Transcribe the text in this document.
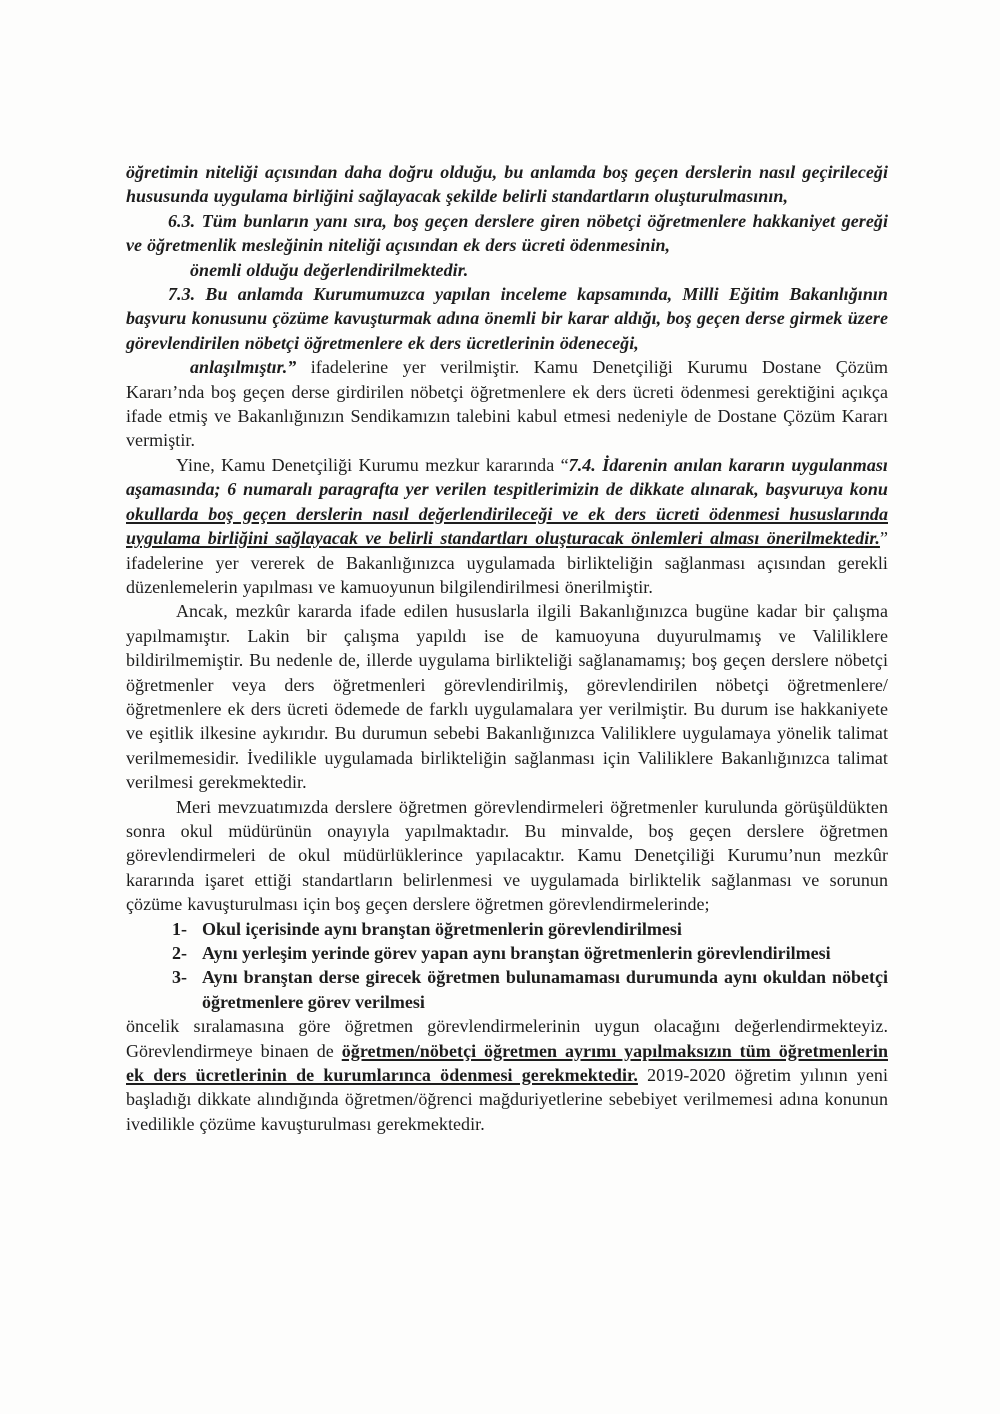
öğretimin niteliği açısından daha doğru olduğu, bu anlamda boş geçen derslerin nasıl geçirileceği hususunda uygulama birliğini sağlayacak şekilde belirli standartların oluşturulmasının,

6.3. Tüm bunların yanı sıra, boş geçen derslere giren nöbetçi öğretmenlere hakkaniyet gereği ve öğretmenlik mesleğinin niteliği açısından ek ders ücreti ödenmesinin,

önemli olduğu değerlendirilmektedir.

7.3. Bu anlamda Kurumumuzca yapılan inceleme kapsamında, Milli Eğitim Bakanlığının başvuru konusunu çözüme kavuşturmak adına önemli bir karar aldığı, boş geçen derse girmek üzere görevlendirilen nöbetçi öğretmenlere ek ders ücretlerinin ödeneceği,

anlaşılmıştır.” ifadelerine yer verilmiştir. Kamu Denetçiliği Kurumu Dostane Çözüm Kararı’nda boş geçen derse girdirilen nöbetçi öğretmenlere ek ders ücreti ödenmesi gerektiğini açıkça ifade etmiş ve Bakanlığınızın Sendikamızın talebini kabul etmesi nedeniyle de Dostane Çözüm Kararı vermiştir.

Yine, Kamu Denetçiliği Kurumu mezkur kararında “7.4. İdarenin anılan kararın uygulanması aşamasında; 6 numaralı paragrafta yer verilen tespitlerimizin de dikkate alınarak, başvuruya konu okullarda boş geçen derslerin nasıl değerlendirileceği ve ek ders ücreti ödenmesi hususlarında uygulama birliğini sağlayacak ve belirli standartları oluşturacak önlemleri alması önerilmektedir.” ifadelerine yer vererek de Bakanlığınızca uygulamada birlikteliğin sağlanması açısından gerekli düzenlemelerin yapılması ve kamuoyunun bilgilendirilmesi önerilmiştir.

Ancak, mezkûr kararda ifade edilen hususlarla ilgili Bakanlığınızca bugüne kadar bir çalışma yapılmamıştır. Lakin bir çalışma yapıldı ise de kamuoyuna duyurulmamış ve Valiliklere bildirilmemiştir. Bu nedenle de, illerde uygulama birlikteliği sağlanamamış; boş geçen derslere nöbetçi öğretmenler veya ders öğretmenleri görevlendirilmiş, görevlendirilen nöbetçi öğretmenlere/öğretmenlere ek ders ücreti ödemede de farklı uygulamalara yer verilmiştir. Bu durum ise hakkaniyete ve eşitlik ilkesine aykırıdır. Bu durumun sebebi Bakanlığınızca Valiliklere uygulamaya yönelik talimat verilmemesidir. İvedilikle uygulamada birlikteliğin sağlanması için Valiliklere Bakanlığınızca talimat verilmesi gerekmektedir.

Meri mevzuatımızda derslere öğretmen görevlendirmeleri öğretmenler kurulunda görüşüldükten sonra okul müdürünün onayıyla yapılmaktadır. Bu minvalde, boş geçen derslere öğretmen görevlendirmeleri de okul müdürlüklerince yapılacaktır. Kamu Denetçiliği Kurumu’nun mezkûr kararında işaret ettiği standartların belirlenmesi ve uygulamada birliktelik sağlanması ve sorunun çözüme kavuşturulması için boş geçen derslere öğretmen görevlendirmelerinde;

1- Okul içerisinde aynı branştan öğretmenlerin görevlendirilmesi
2- Aynı yerleşim yerinde görev yapan aynı branştan öğretmenlerin görevlendirilmesi
3- Aynı branştan derse girecek öğretmen bulunamaması durumunda aynı okuldan nöbetçi öğretmenlere görev verilmesi

öncelik sıralamasına göre öğretmen görevlendirmelerinin uygun olacağını değerlendirmekteyiz. Görevlendirmeye binaen de öğretmen/nöbetçi öğretmen ayrımı yapılmaksızın tüm öğretmenlerin ek ders ücretlerinin de kurumlarınca ödenmesi gerekmektedir. 2019-2020 öğretim yılının yeni başladığı dikkate alındığında öğretmen/öğrenci mağduriyetlerine sebebiyet verilmemesi adına konunun ivedilikle çözüme kavuşturulması gerekmektedir.
